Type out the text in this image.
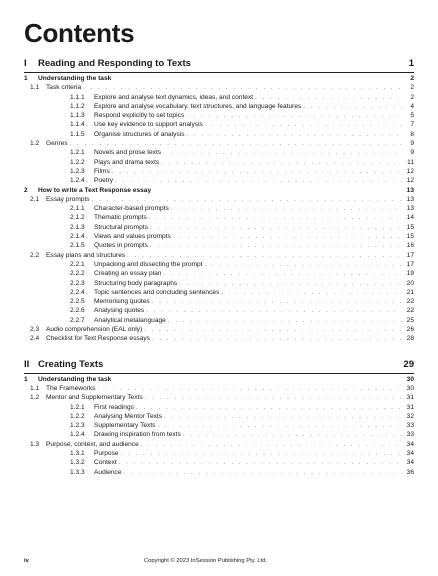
Contents
I	Reading and Responding to Texts	1
1	Understanding the task	2
1.1	Task criteria . . .	2
1.1.1	Explore and analyse text dynamics, ideas, and context . . .	2
1.1.2	Explore and analyse vocabulary, text structures, and language features . . .	4
1.1.3	Respond explicitly to set topics . . .	5
1.1.4	Use key evidence to support analysis . . .	7
1.1.5	Organise structures of analysis . . .	8
1.2	Genres . . .	9
1.2.1	Novels and prose texts . . .	9
1.2.2	Plays and drama texts . . .	11
1.2.3	Films . . .	12
1.2.4	Poetry . . .	12
2	How to write a Text Response essay	13
2.1	Essay prompts . . .	13
2.1.1	Character-based prompts . . .	13
2.1.2	Thematic prompts . . .	14
2.1.3	Structural prompts . . .	15
2.1.4	Views and values prompts . . .	15
2.1.5	Quotes in prompts . . .	16
2.2	Essay plans and structures . . .	17
2.2.1	Unpacking and dissecting the prompt . . .	17
2.2.2	Creating an essay plan . . .	19
2.2.3	Structuring body paragraphs . . .	20
2.2.4	Topic sentences and concluding sentences . . .	21
2.2.5	Memorising quotes . . .	22
2.2.6	Analysing quotes . . .	22
2.2.7	Analytical metalanguage . . .	25
2.3	Audio comprehension (EAL only) . . .	26
2.4	Checklist for Text Response essays . . .	28
II Creating Texts	29
1	Understanding the task	30
1.1	The Frameworks . . .	30
1.2	Mentor and Supplementary Texts . . .	31
1.2.1	First readings . . .	31
1.2.2	Analysing Mentor Texts . . .	32
1.2.3	Supplementary Texts . . .	33
1.2.4	Drawing inspiration from texts . . .	33
1.3	Purpose, context, and audience . . .	34
1.3.1	Purpose . . .	34
1.3.2	Context . . .	34
1.3.3	Audience . . .	36
iv	Copyright © 2023 InSession Publishing Pty. Ltd.
